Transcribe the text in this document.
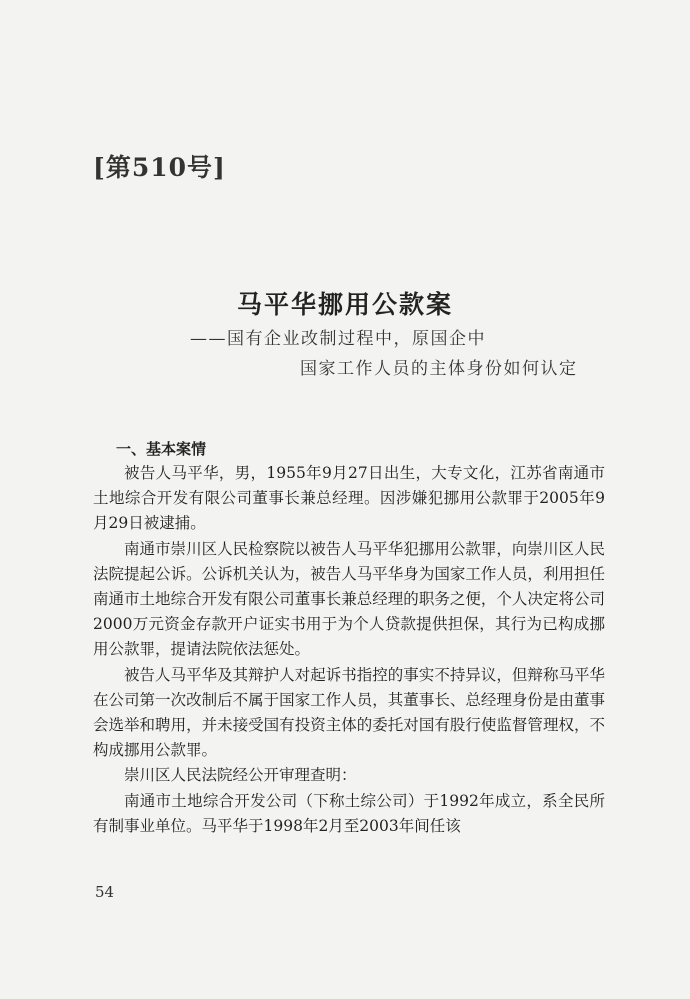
[第510号]
马平华挪用公款案
——国有企业改制过程中，原国企中
国家工作人员的主体身份如何认定
一、基本案情

被告人马平华，男，1955年9月27日出生，大专文化，江苏省南通市土地综合开发有限公司董事长兼总经理。因涉嫌犯挪用公款罪于2005年9月29日被逮捕。

南通市崇川区人民检察院以被告人马平华犯挪用公款罪，向崇川区人民法院提起公诉。公诉机关认为，被告人马平华身为国家工作人员，利用担任南通市土地综合开发有限公司董事长兼总经理的职务之便，个人决定将公司2000万元资金存款开户证实书用于为个人贷款提供担保，其行为已构成挪用公款罪，提请法院依法惩处。

被告人马平华及其辩护人对起诉书指控的事实不持异议，但辩称马平华在公司第一次改制后不属于国家工作人员，其董事长、总经理身份是由董事会选举和聘用，并未接受国有投资主体的委托对国有股行使监督管理权，不构成挪用公款罪。

崇川区人民法院经公开审理查明：

南通市土地综合开发公司（下称土综公司）于1992年成立，系全民所有制事业单位。马平华于1998年2月至2003年间任该

54
